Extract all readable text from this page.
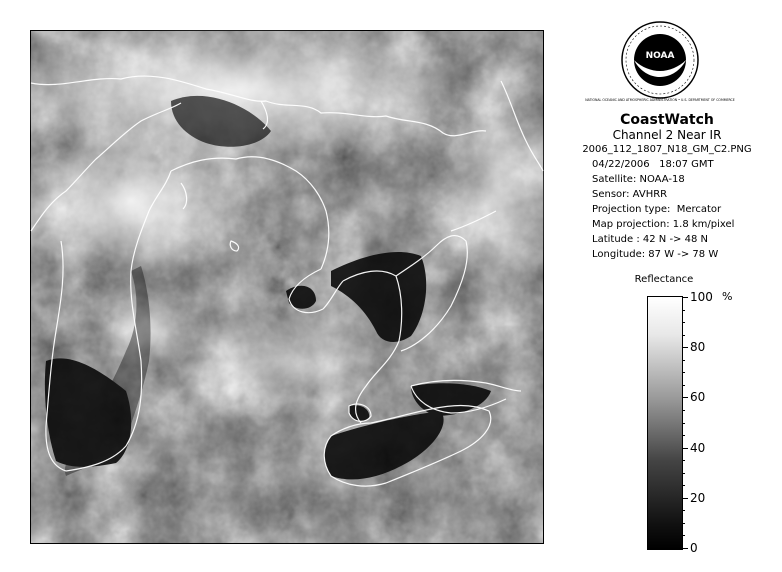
NOAA
NATIONAL OCEANIC AND ATMOSPHERIC ADMINISTRATION • U.S. DEPARTMENT OF COMMERCE
CoastWatch
Channel 2 Near IR
2006_112_1807_N18_GM_C2.PNG
04/22/2006   18:07 GMT
Satellite: NOAA-18
Sensor: AVHRR
Projection type:  Mercator
Map projection: 1.8 km/pixel
Latitude : 42 N -> 48 N
Longitude: 87 W -> 78 W
Reflectance
100
80
60
40
20
0
%
